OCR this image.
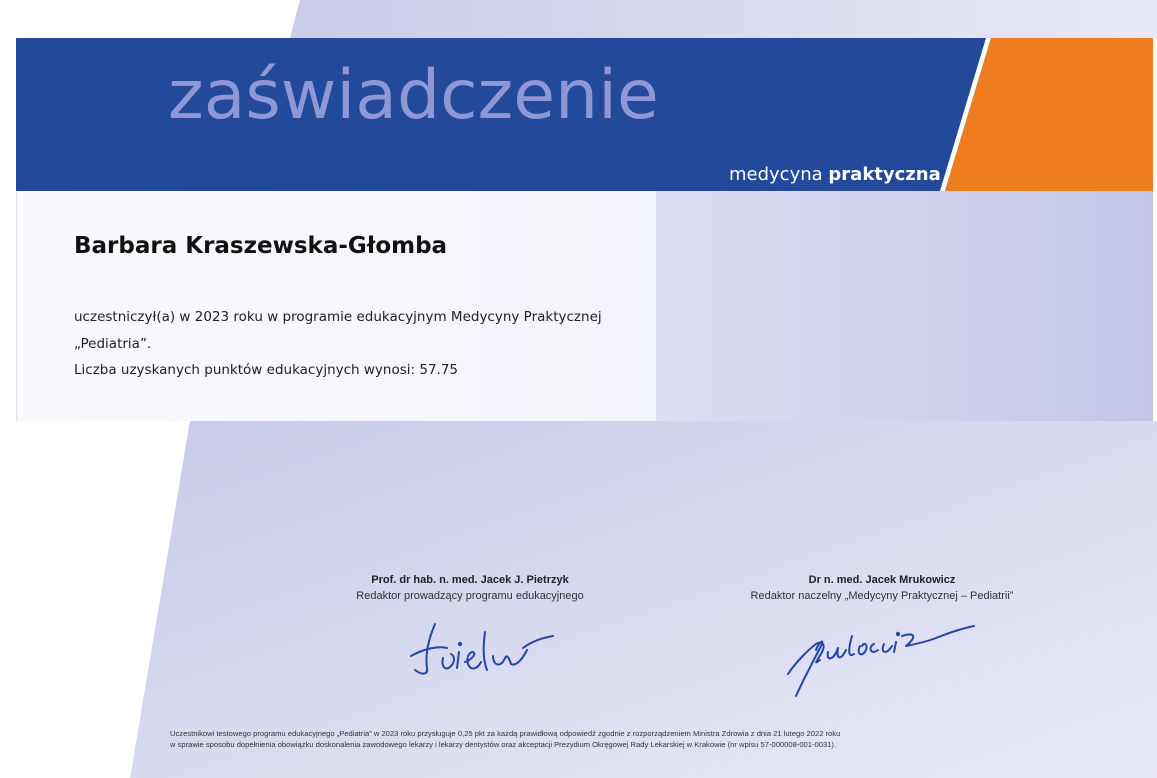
zaświadczenie
medycyna praktyczna
Barbara Kraszewska-Głomba
uczestniczył(a) w 2023 roku w programie edukacyjnym Medycyny Praktycznej
„Pediatria”.
Liczba uzyskanych punktów edukacyjnych wynosi: 57.75
Prof. dr hab. n. med. Jacek J. Pietrzyk
Redaktor prowadzący programu edukacyjnego
Dr n. med. Jacek Mrukowicz
Redaktor naczelny „Medycyny Praktycznej – Pediatrii”
Uczestnikowi testowego programu edukacyjnego „Pediatria” w 2023 roku przysługuje 0,25 pkt za każdą prawidłową odpowiedź zgodnie z rozporządzeniem Ministra Zdrowia z dnia 21 lutego 2022 roku
w sprawie sposobu dopełnienia obowiązku doskonalenia zawodowego lekarzy i lekarzy dentystów oraz akceptacji Prezydium Okręgowej Rady Lekarskiej w Krakowie (nr wpisu 57-000008-001-0031).
